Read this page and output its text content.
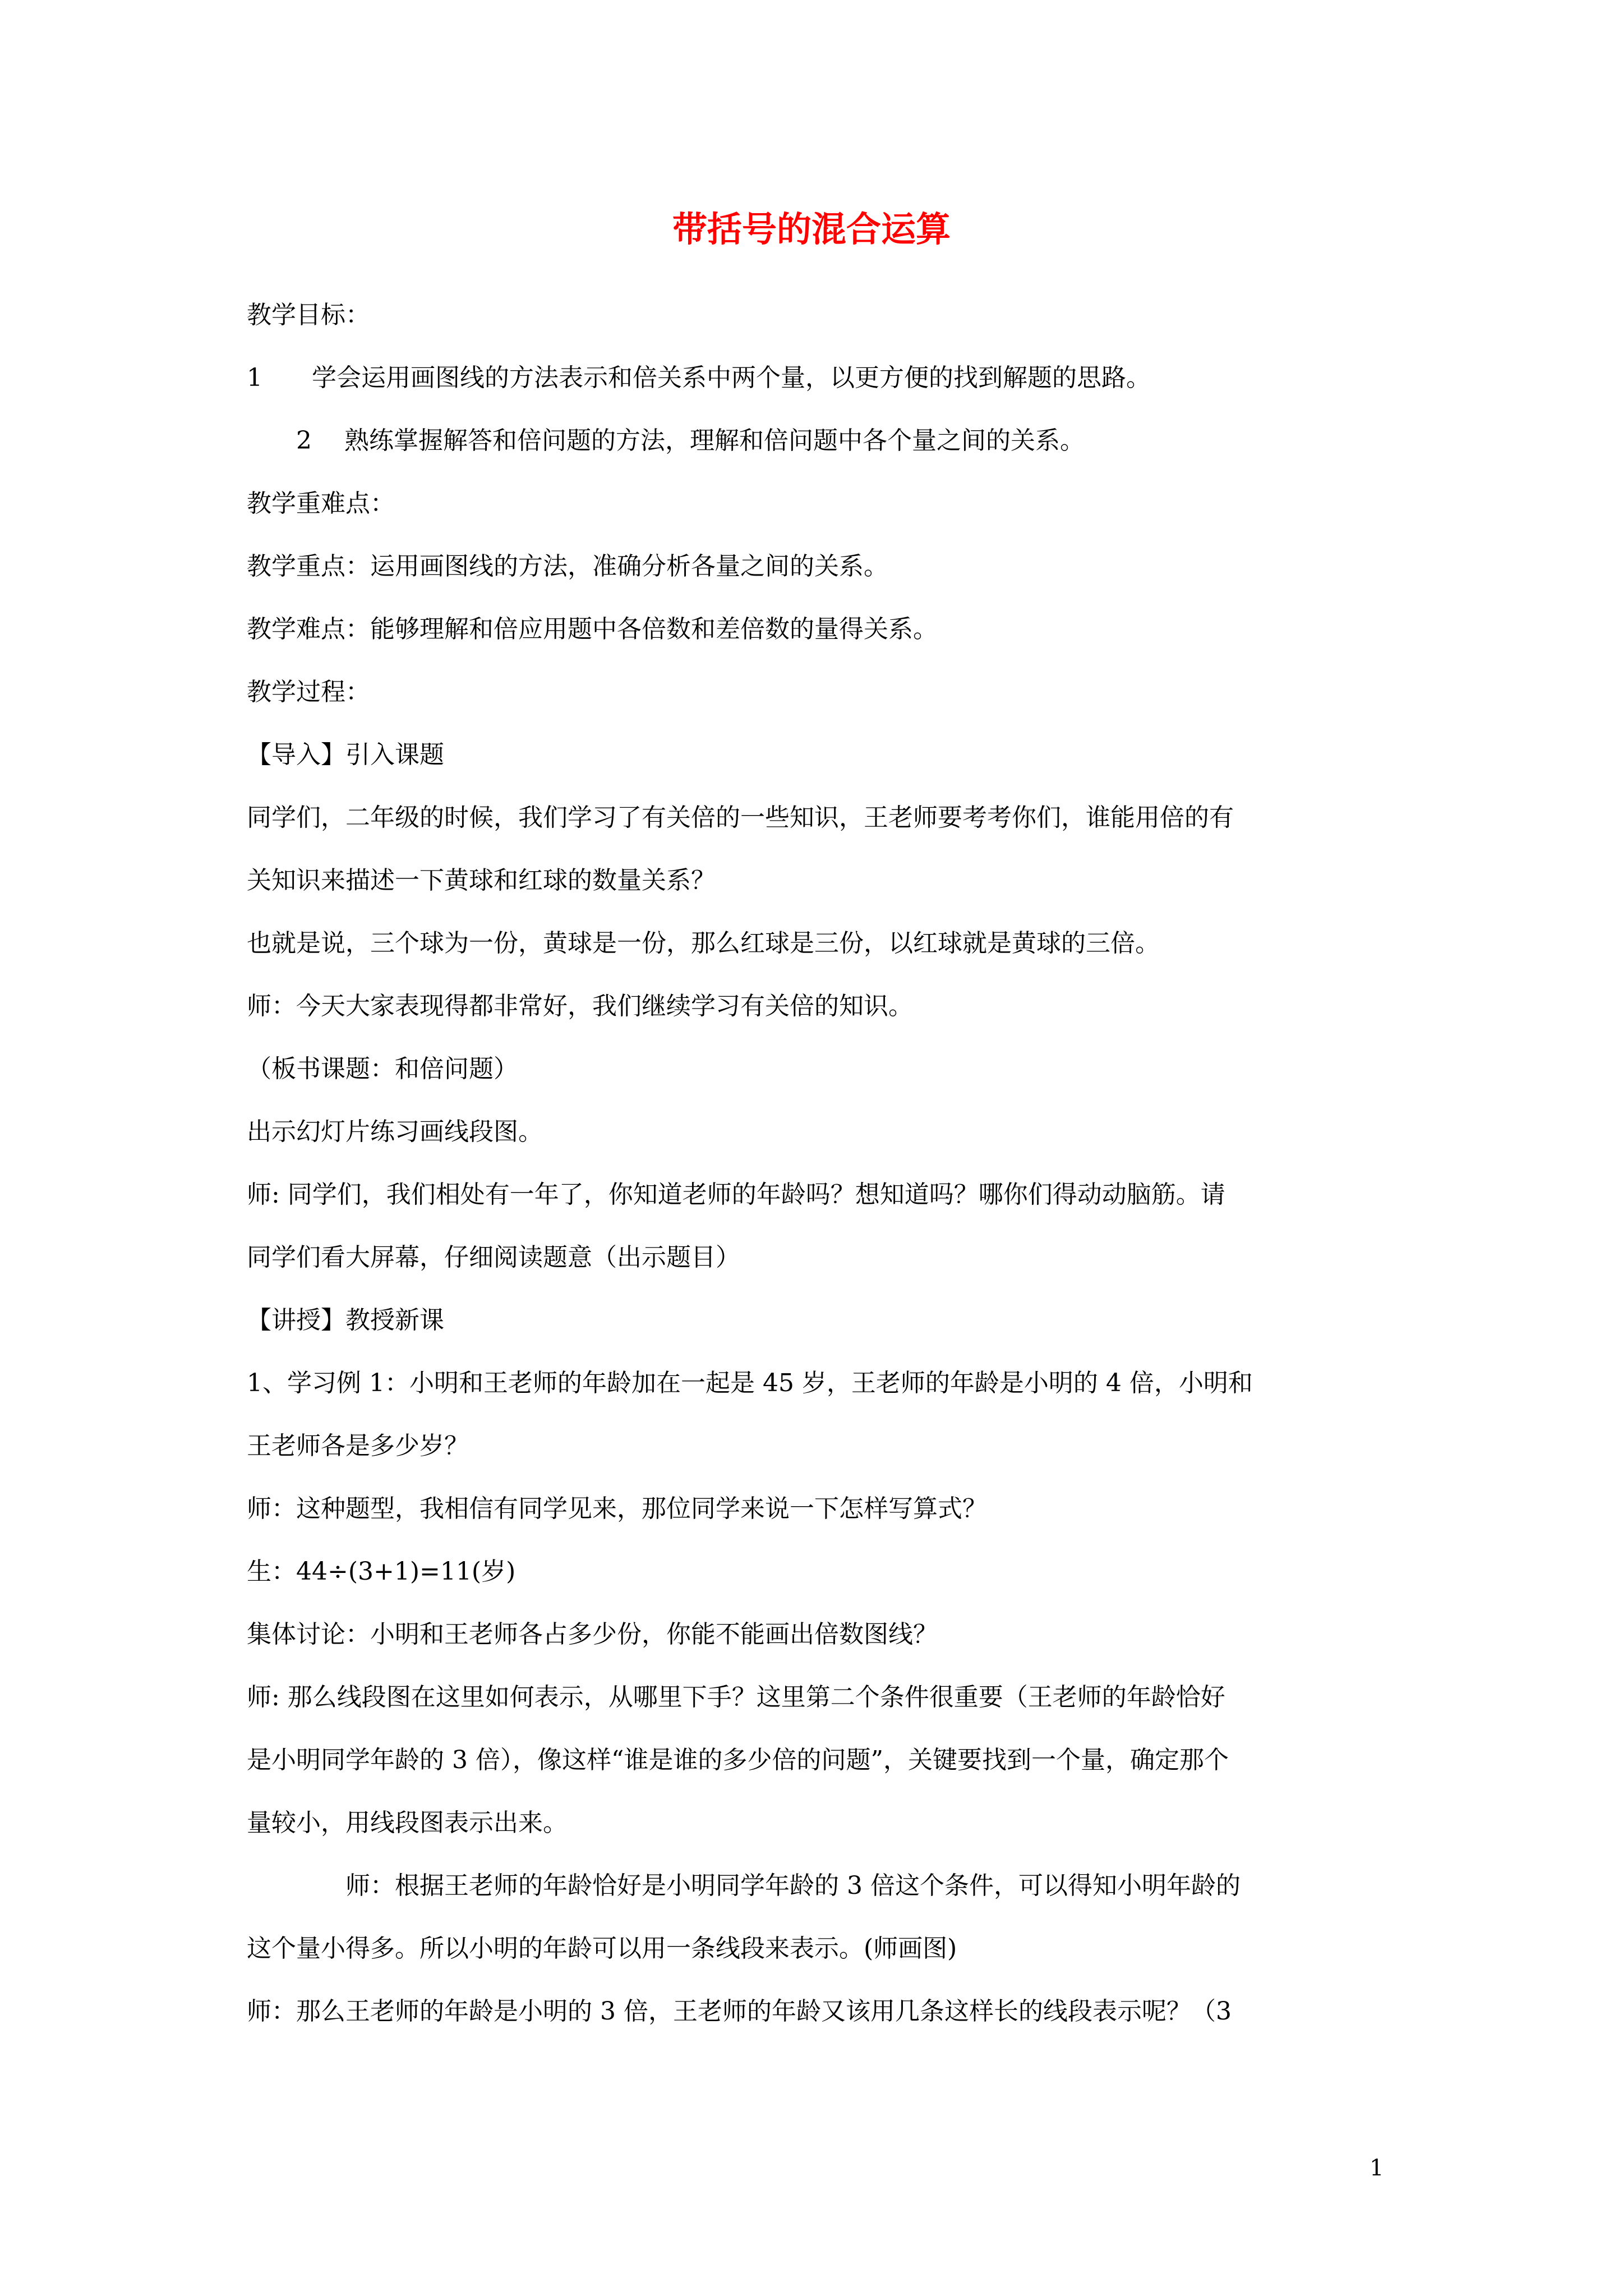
带括号的混合运算
教学目标：
1　　学会运用画图线的方法表示和倍关系中两个量，以更方便的找到解题的思路。
　　2　 熟练掌握解答和倍问题的方法，理解和倍问题中各个量之间的关系。
教学重难点：
教学重点：运用画图线的方法，准确分析各量之间的关系。
教学难点：能够理解和倍应用题中各倍数和差倍数的量得关系。
教学过程：
【导入】引入课题
同学们，二年级的时候，我们学习了有关倍的一些知识，王老师要考考你们，谁能用倍的有
关知识来描述一下黄球和红球的数量关系？
也就是说，三个球为一份，黄球是一份，那么红球是三份，以红球就是黄球的三倍。
师：今天大家表现得都非常好，我们继续学习有关倍的知识。
（板书课题：和倍问题）
出示幻灯片练习画线段图。
师: 同学们，我们相处有一年了，你知道老师的年龄吗？想知道吗？哪你们得动动脑筋。请
同学们看大屏幕，仔细阅读题意（出示题目）
【讲授】教授新课
1、学习例 1：小明和王老师的年龄加在一起是 45 岁，王老师的年龄是小明的 4 倍，小明和
王老师各是多少岁？
师：这种题型，我相信有同学见来，那位同学来说一下怎样写算式？
生：44÷(3+1)=11(岁)
集体讨论：小明和王老师各占多少份，你能不能画出倍数图线？
师: 那么线段图在这里如何表示，从哪里下手？这里第二个条件很重要（王老师的年龄恰好
是小明同学年龄的 3 倍），像这样“谁是谁的多少倍的问题”，关键要找到一个量，确定那个
量较小，用线段图表示出来。
　　　　师：根据王老师的年龄恰好是小明同学年龄的 3 倍这个条件，可以得知小明年龄的
这个量小得多。所以小明的年龄可以用一条线段来表示。(师画图)
师：那么王老师的年龄是小明的 3 倍，王老师的年龄又该用几条这样长的线段表示呢？（3
1
